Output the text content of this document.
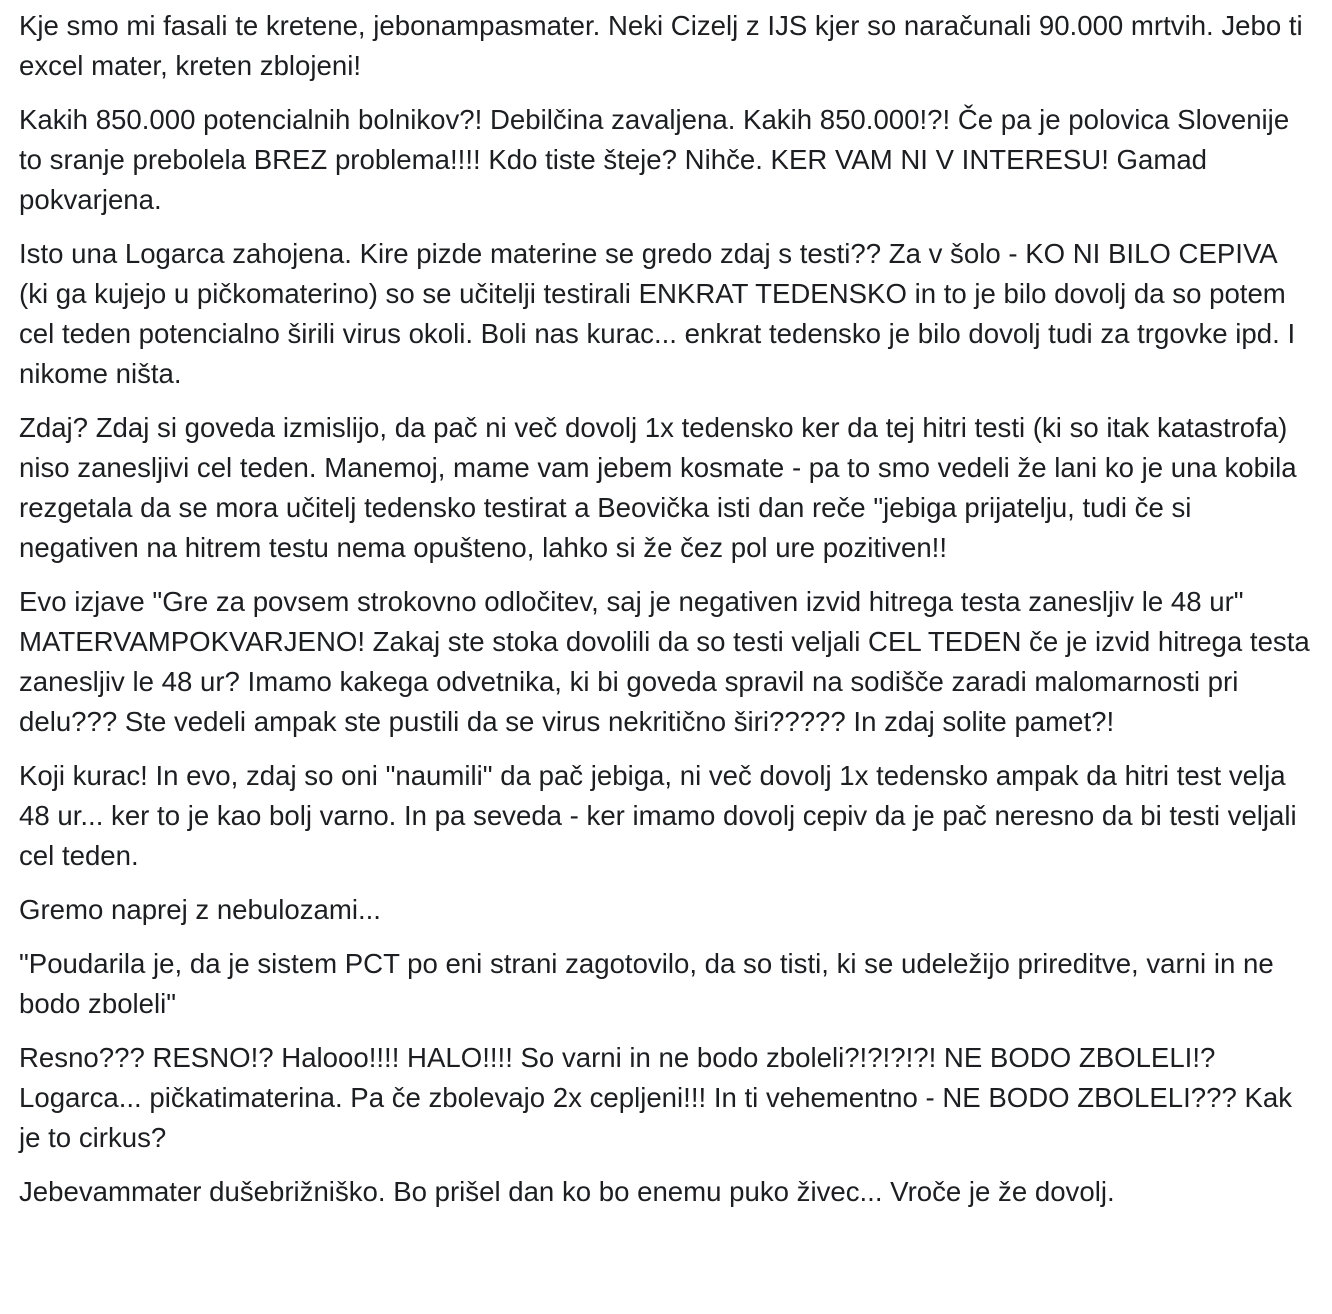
Kje smo mi fasali te kretene, jebonampasmater. Neki Cizelj z IJS kjer so naračunali 90.000 mrtvih. Jebo ti excel mater, kreten zblojeni!

Kakih 850.000 potencialnih bolnikov?! Debilčina zavaljena. Kakih 850.000!?! Če pa je polovica Slovenije to sranje prebolela BREZ problema!!!! Kdo tiste šteje? Nihče. KER VAM NI V INTERESU! Gamad pokvarjena.

Isto una Logarca zahojena. Kire pizde materine se gredo zdaj s testi?? Za v šolo - KO NI BILO CEPIVA (ki ga kujejo u pičkomaterino) so se učitelji testirali ENKRAT TEDENSKO in to je bilo dovolj da so potem cel teden potencialno širili virus okoli. Boli nas kurac... enkrat tedensko je bilo dovolj tudi za trgovke ipd. I nikome ništa.

Zdaj? Zdaj si goveda izmislijo, da pač ni več dovolj 1x tedensko ker da tej hitri testi (ki so itak katastrofa) niso zanesljivi cel teden. Manemoj, mame vam jebem kosmate - pa to smo vedeli že lani ko je una kobila rezgetala da se mora učitelj tedensko testirat a Beovička isti dan reče "jebiga prijatelju, tudi če si negativen na hitrem testu nema opušteno, lahko si že čez pol ure pozitiven!!

Evo izjave "Gre za povsem strokovno odločitev, saj je negativen izvid hitrega testa zanesljiv le 48 ur" MATERVAMPOKVARJENO! Zakaj ste stoka dovolili da so testi veljali CEL TEDEN če je izvid hitrega testa zanesljiv le 48 ur? Imamo kakega odvetnika, ki bi goveda spravil na sodišče zaradi malomarnosti pri delu??? Ste vedeli ampak ste pustili da se virus nekritično širi????? In zdaj solite pamet?!

Koji kurac! In evo, zdaj so oni "naumili" da pač jebiga, ni več dovolj 1x tedensko ampak da hitri test velja 48 ur... ker to je kao bolj varno. In pa seveda - ker imamo dovolj cepiv da je pač neresno da bi testi veljali cel teden.

Gremo naprej z nebulozami...

"Poudarila je, da je sistem PCT po eni strani zagotovilo, da so tisti, ki se udeležijo prireditve, varni in ne bodo zboleli"

Resno??? RESNO!? Halooo!!!! HALO!!!! So varni in ne bodo zboleli?!?!?!?! NE BODO ZBOLELI!? Logarca... pičkatimaterina. Pa če zbolevajo 2x cepljeni!!! In ti vehementno - NE BODO ZBOLELI??? Kak je to cirkus?

Jebevammater dušebrižniško. Bo prišel dan ko bo enemu puko živec... Vroče je že dovolj.
